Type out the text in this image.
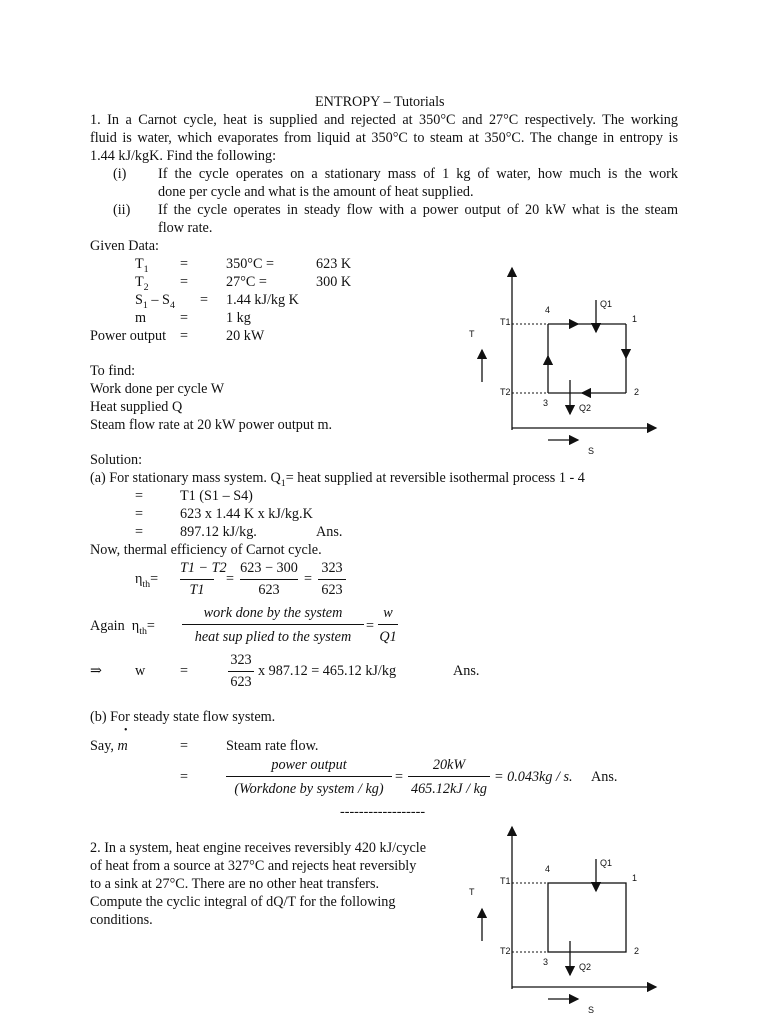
ENTROPY – Tutorials
1. In a Carnot cycle, heat is supplied and rejected at 350°C and 27°C respectively. The working
fluid is water, which evaporates from liquid at 350°C to steam at 350°C. The change in entropy is
1.44 kJ/kgK. Find the following:
(i) If the cycle operates on a stationary mass of 1 kg of water, how much is the work
done per cycle and what is the amount of heat supplied.
(ii) If the cycle operates in steady flow with a power output of 20 kW what is the steam
flow rate.
Given Data:
$T_1$ =	350°C =	623 K
$T_2$ =	27°C =	300 K
$S_1 - S_4 = 1.44$ kJ/kg K
m =	1 kg
Power output =	20 kW
To find:
Work done per cycle W
Heat supplied Q
Steam flow rate at 20 kW power output m.
T
S
T1
T2
1
2
3
4
Q1
Q2
Solution:
(a) For stationary mass system. $Q_1=$ heat supplied at reversible isothermal process 1 - 4
=	T1 (S1 – S4)
=	623 x 1.44 K x kJ/kg.K
=	897.12 kJ/kg.	Ans.
Now, thermal efficiency of Carnot cycle.
$\eta_{th}=$
T1 − T2
T1
=
623 − 300
623
=
323
623
Again $\eta_{th}=$
work done by the system
heat sup plied to the system
=
w
Q1
⇒ w =
323
623
x 987.12 = 465.12 kJ/kg	Ans.
(b) For steady state flow system.
•
Say, m	=	Steam rate flow.
=
power output
(Workdone by system / kg)
=
20kW
465.12kJ / kg
= 0.043kg / s. Ans.
------------------
2. In a system, heat engine receives reversibly 420 kJ/cycle
of heat from a source at 327°C and rejects heat reversibly
to a sink at 27°C. There are no other heat transfers.
Compute the cyclic integral of dQ/T for the following
conditions.
T
S
T1
T2
1
2
3
4
Q1
Q2
